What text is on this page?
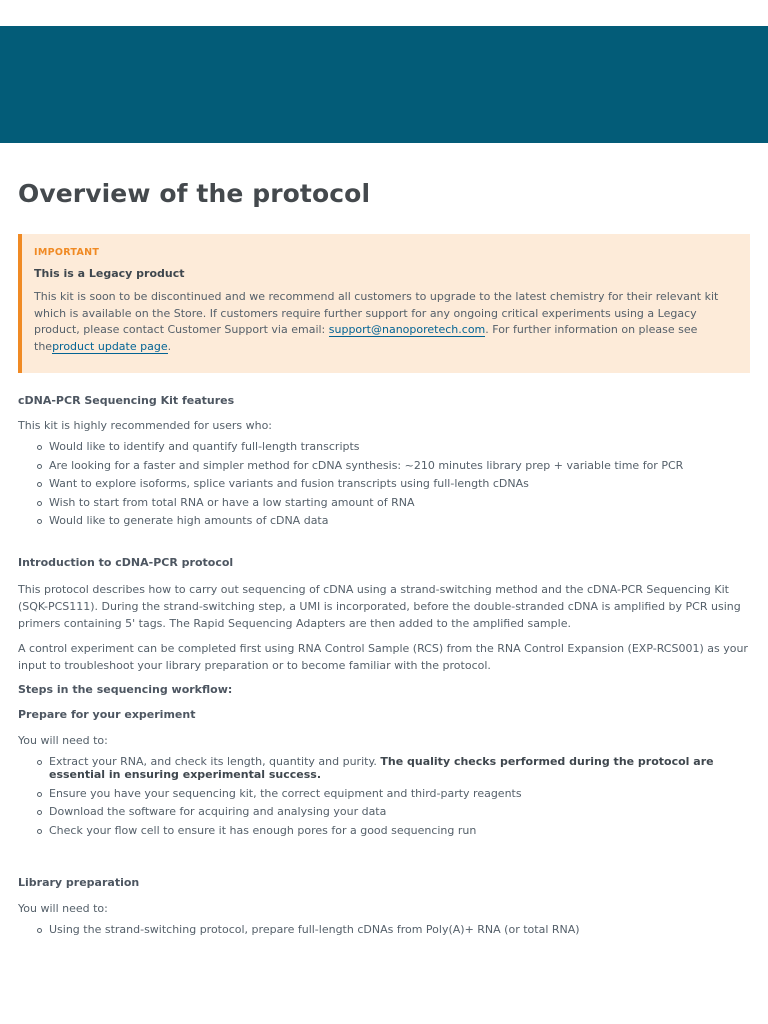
Overview of the protocol
IMPORTANT
This is a Legacy product
This kit is soon to be discontinued and we recommend all customers to upgrade to the latest chemistry for their relevant kit which is available on the Store. If customers require further support for any ongoing critical experiments using a Legacy product, please contact Customer Support via email: support@nanoporetech.com. For further information on please see theproduct update page.
cDNA-PCR Sequencing Kit features

This kit is highly recommended for users who:

Would like to identify and quantify full-length transcripts
Are looking for a faster and simpler method for cDNA synthesis: ~210 minutes library prep + variable time for PCR
Want to explore isoforms, splice variants and fusion transcripts using full-length cDNAs
Wish to start from total RNA or have a low starting amount of RNA
Would like to generate high amounts of cDNA data
Introduction to cDNA-PCR protocol

This protocol describes how to carry out sequencing of cDNA using a strand-switching method and the cDNA-PCR Sequencing Kit (SQK-PCS111). During the strand-switching step, a UMI is incorporated, before the double-stranded cDNA is amplified by PCR using primers containing 5' tags. The Rapid Sequencing Adapters are then added to the amplified sample.

A control experiment can be completed first using RNA Control Sample (RCS) from the RNA Control Expansion (EXP-RCS001) as your input to troubleshoot your library preparation or to become familiar with the protocol.

Steps in the sequencing workflow:
Prepare for your experiment

You will need to:

Extract your RNA, and check its length, quantity and purity. The quality checks performed during the protocol are essential in ensuring experimental success.
Ensure you have your sequencing kit, the correct equipment and third-party reagents
Download the software for acquiring and analysing your data
Check your flow cell to ensure it has enough pores for a good sequencing run
Library preparation

You will need to:

Using the strand-switching protocol, prepare full-length cDNAs from Poly(A)+ RNA (or total RNA)
